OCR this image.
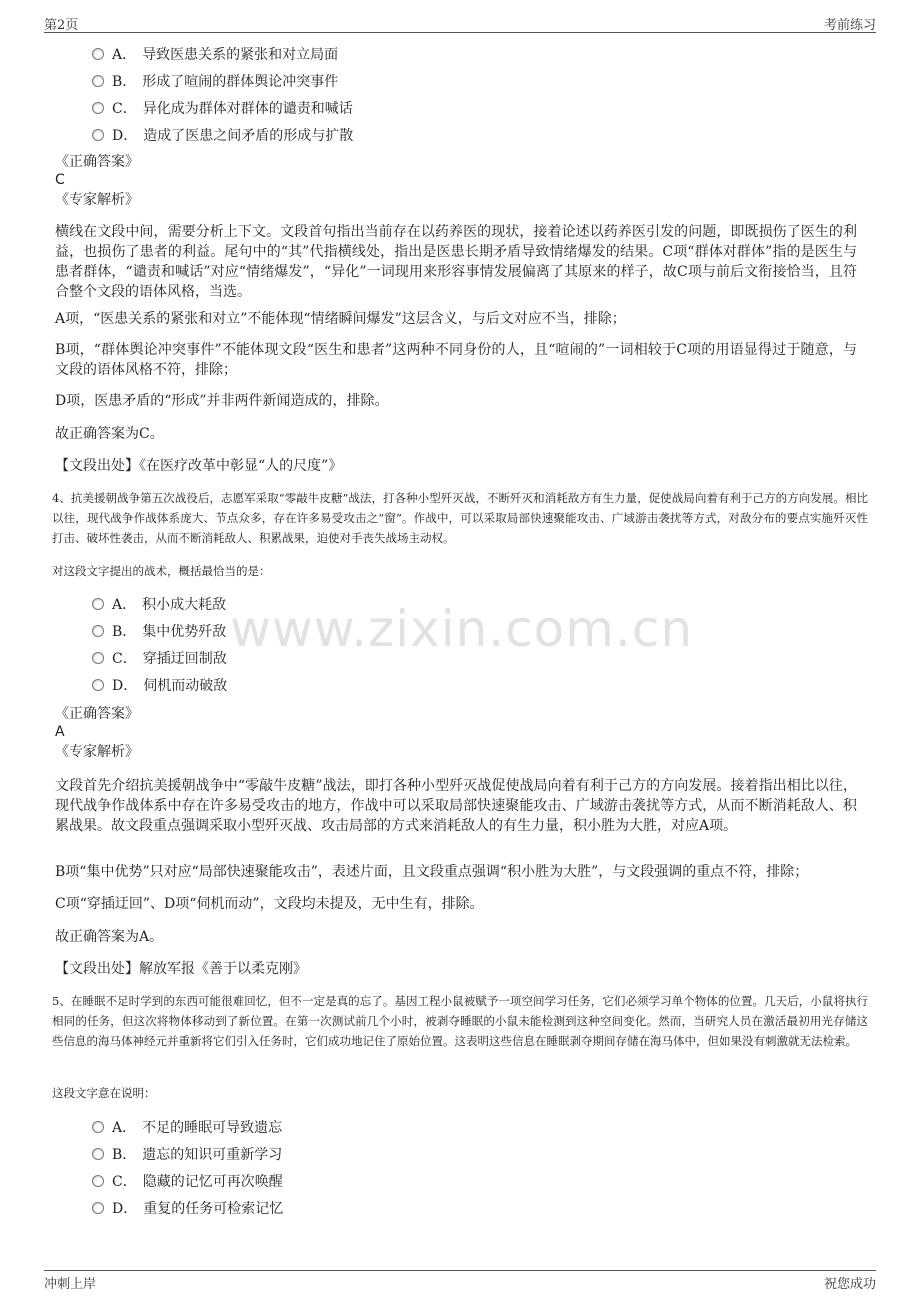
第2页	考前练习
www.zixin.com.cn
A． 导致医患关系的紧张和对立局面
B． 形成了喧闹的群体舆论冲突事件
C． 异化成为群体对群体的谴责和喊话
D． 造成了医患之间矛盾的形成与扩散
《正确答案》
C
《专家解析》
横线在文段中间，需要分析上下文。文段首句指出当前存在以药养医的现状，接着论述以药养医引发的问题，即既损伤了医生的利益，也损伤了患者的利益。尾句中的“其”代指横线处，指出是医患长期矛盾导致情绪爆发的结果。C项“群体对群体”指的是医生与患者群体，“谴责和喊话”对应“情绪爆发”，“异化”一词现用来形容事情发展偏离了其原来的样子，故C项与前后文衔接恰当，且符合整个文段的语体风格，当选。
A项，“医患关系的紧张和对立”不能体现“情绪瞬间爆发”这层含义，与后文对应不当，排除；
B项，“群体舆论冲突事件”不能体现文段“医生和患者”这两种不同身份的人，且“喧闹的”一词相较于C项的用语显得过于随意，与文段的语体风格不符，排除；
D项，医患矛盾的“形成”并非两件新闻造成的，排除。
故正确答案为C。
【文段出处】《在医疗改革中彰显“人的尺度”》
4、抗美援朝战争第五次战役后，志愿军采取“零敲牛皮糖”战法，打各种小型歼灭战，不断歼灭和消耗敌方有生力量，促使战局向着有利于己方的方向发展。相比以往，现代战争作战体系庞大、节点众多，存在许多易受攻击之“窗”。作战中，可以采取局部快速聚能攻击、广域游击袭扰等方式，对敌分布的要点实施歼灭性打击、破坏性袭击，从而不断消耗敌人、积累战果，迫使对手丧失战场主动权。
对这段文字提出的战术，概括最恰当的是：
A． 积小成大耗敌
B． 集中优势歼敌
C． 穿插迂回制敌
D． 伺机而动破敌
《正确答案》
A
《专家解析》
文段首先介绍抗美援朝战争中“零敲牛皮糖”战法，即打各种小型歼灭战促使战局向着有利于己方的方向发展。接着指出相比以往，现代战争作战体系中存在许多易受攻击的地方，作战中可以采取局部快速聚能攻击、广域游击袭扰等方式，从而不断消耗敌人、积累战果。故文段重点强调采取小型歼灭战、攻击局部的方式来消耗敌人的有生力量，积小胜为大胜，对应A项。
B项“集中优势”只对应“局部快速聚能攻击”，表述片面，且文段重点强调“积小胜为大胜”，与文段强调的重点不符，排除；
C项“穿插迂回”、D项“伺机而动”，文段均未提及，无中生有，排除。
故正确答案为A。
【文段出处】解放军报《善于以柔克刚》
5、在睡眠不足时学到的东西可能很难回忆，但不一定是真的忘了。基因工程小鼠被赋予一项空间学习任务，它们必须学习单个物体的位置。几天后，小鼠将执行相同的任务，但这次将物体移动到了新位置。在第一次测试前几个小时，被剥夺睡眠的小鼠未能检测到这种空间变化。然而，当研究人员在激活最初用光存储这些信息的海马体神经元并重新将它们引入任务时，它们成功地记住了原始位置。这表明这些信息在睡眠剥夺期间存储在海马体中，但如果没有刺激就无法检索。
这段文字意在说明：
A． 不足的睡眠可导致遗忘
B． 遗忘的知识可重新学习
C． 隐藏的记忆可再次唤醒
D． 重复的任务可检索记忆
冲刺上岸	祝您成功
